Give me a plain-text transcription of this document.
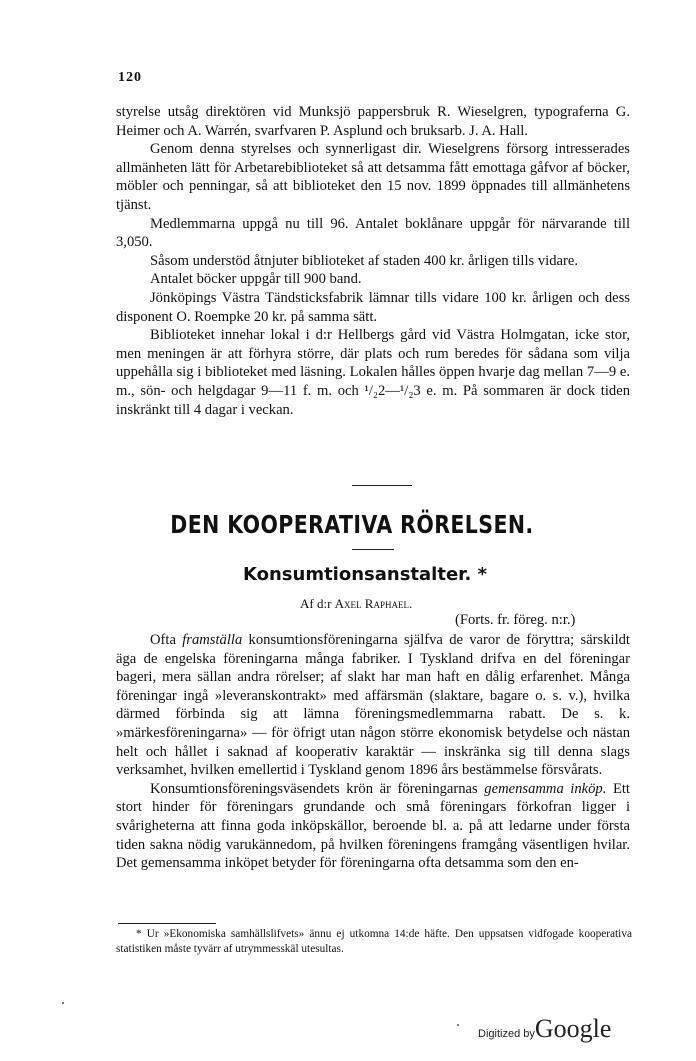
120

styrelse utsåg direktören vid Munksjö pappersbruk R. Wieselgren, typograferna G. Heimer och A. Warrén, svarfvaren P. Asplund och bruksarb. J. A. Hall.

Genom denna styrelses och synnerligast dir. Wieselgrens försorg intresserades allmänheten lätt för Arbetarebiblioteket så att detsamma fått emottaga gåfvor af böcker, möbler och penningar, så att biblioteket den 15 nov. 1899 öppnades till allmänhetens tjänst.

Medlemmarna uppgå nu till 96. Antalet boklånare uppgår för närvarande till 3,050.

Såsom understöd åtnjuter biblioteket af staden 400 kr. årligen tills vidare.

Antalet böcker uppgår till 900 band.

Jönköpings Västra Tändsticksfabrik lämnar tills vidare 100 kr. årligen och dess disponent O. Roempke 20 kr. på samma sätt.

Biblioteket innehar lokal i d:r Hellbergs gård vid Västra Holmgatan, icke stor, men meningen är att förhyra större, där plats och rum beredes för sådana som vilja uppehålla sig i biblioteket med läsning. Lokalen hålles öppen hvarje dag mellan 7—9 e. m., sön- och helgdagar 9—11 f. m. och ¹/₂2—¹/₂3 e. m. På sommaren är dock tiden inskränkt till 4 dagar i veckan.

DEN KOOPERATIVA RÖRELSEN.
Konsumtionsanstalter. *
Af d:r Axel Raphael.
(Forts. fr. föreg. n:r.)

Ofta framställa konsumtionsföreningarna själfva de varor de föryttra; särskildt äga de engelska föreningarna många fabriker. I Tyskland drifva en del föreningar bageri, mera sällan andra rörelser; af slakt har man haft en dålig erfarenhet. Många föreningar ingå »leveranskontrakt» med affärsmän (slaktare, bagare o. s. v.), hvilka därmed förbinda sig att lämna föreningsmedlemmarna rabatt. De s. k. »märkesföreningarna» — för öfrigt utan någon större ekonomisk betydelse och nästan helt och hållet i saknad af kooperativ karaktär — inskränka sig till denna slags verksamhet, hvilken emellertid i Tyskland genom 1896 års bestämmelse försvårats.

Konsumtionsföreningsväsendets krön är föreningarnas gemensamma inköp. Ett stort hinder för föreningars grundande och små föreningars förkofran ligger i svårigheterna att finna goda inköpskällor, beroende bl. a. på att ledarne under första tiden sakna nödig varukännedom, på hvilken föreningens framgång väsentligen hvilar. Det gemensamma inköpet betyder för föreningarna ofta detsamma som den en-

* Ur »Ekonomiska samhällslifvets» ännu ej utkomna 14:de häfte. Den uppsatsen vidfogade kooperativa statistiken måste tyvärr af utrymmesskäl utesultas.
Digitized byGoogle
